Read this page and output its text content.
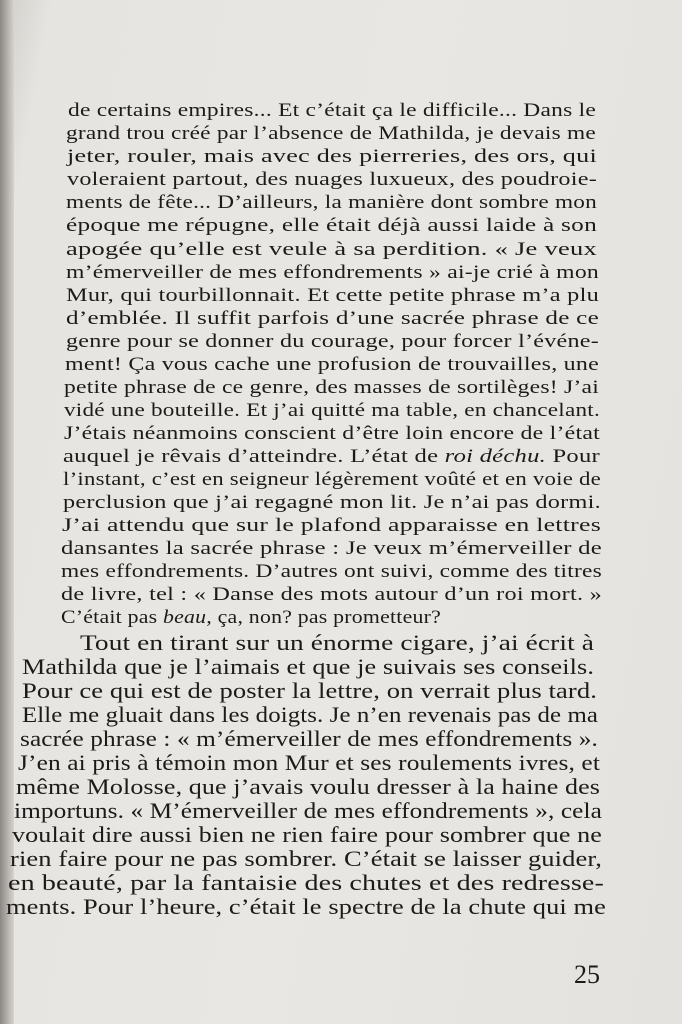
de certains empires... Et c’était ça le difficile... Dans le

grand trou créé par l’absence de Mathilda, je devais me

jeter, rouler, mais avec des pierreries, des ors, qui

voleraient partout, des nuages luxueux, des poudroie-

ments de fête... D’ailleurs, la manière dont sombre mon

époque me répugne, elle était déjà aussi laide à son

apogée qu’elle est veule à sa perdition. « Je veux

m’émerveiller de mes effondrements » ai-je crié à mon

Mur, qui tourbillonnait. Et cette petite phrase m’a plu

d’emblée. Il suffit parfois d’une sacrée phrase de ce

genre pour se donner du courage, pour forcer l’événe-

ment! Ça vous cache une profusion de trouvailles, une

petite phrase de ce genre, des masses de sortilèges! J’ai

vidé une bouteille. Et j’ai quitté ma table, en chancelant.

J’étais néanmoins conscient d’être loin encore de l’état

auquel je rêvais d’atteindre. L’état de roi déchu. Pour

l’instant, c’est en seigneur légèrement voûté et en voie de

perclusion que j’ai regagné mon lit. Je n’ai pas dormi.

J’ai attendu que sur le plafond apparaisse en lettres

dansantes la sacrée phrase : Je veux m’émerveiller de

mes effondrements. D’autres ont suivi, comme des titres

de livre, tel : « Danse des mots autour d’un roi mort. »

C’était pas beau, ça, non? pas prometteur?

Tout en tirant sur un énorme cigare, j’ai écrit à

Mathilda que je l’aimais et que je suivais ses conseils.

Pour ce qui est de poster la lettre, on verrait plus tard.

Elle me gluait dans les doigts. Je n’en revenais pas de ma

sacrée phrase : « m’émerveiller de mes effondrements ».

J’en ai pris à témoin mon Mur et ses roulements ivres, et

même Molosse, que j’avais voulu dresser à la haine des

importuns. « M’émerveiller de mes effondrements », cela

voulait dire aussi bien ne rien faire pour sombrer que ne

rien faire pour ne pas sombrer. C’était se laisser guider,

en beauté, par la fantaisie des chutes et des redresse-

ments. Pour l’heure, c’était le spectre de la chute qui me

25
